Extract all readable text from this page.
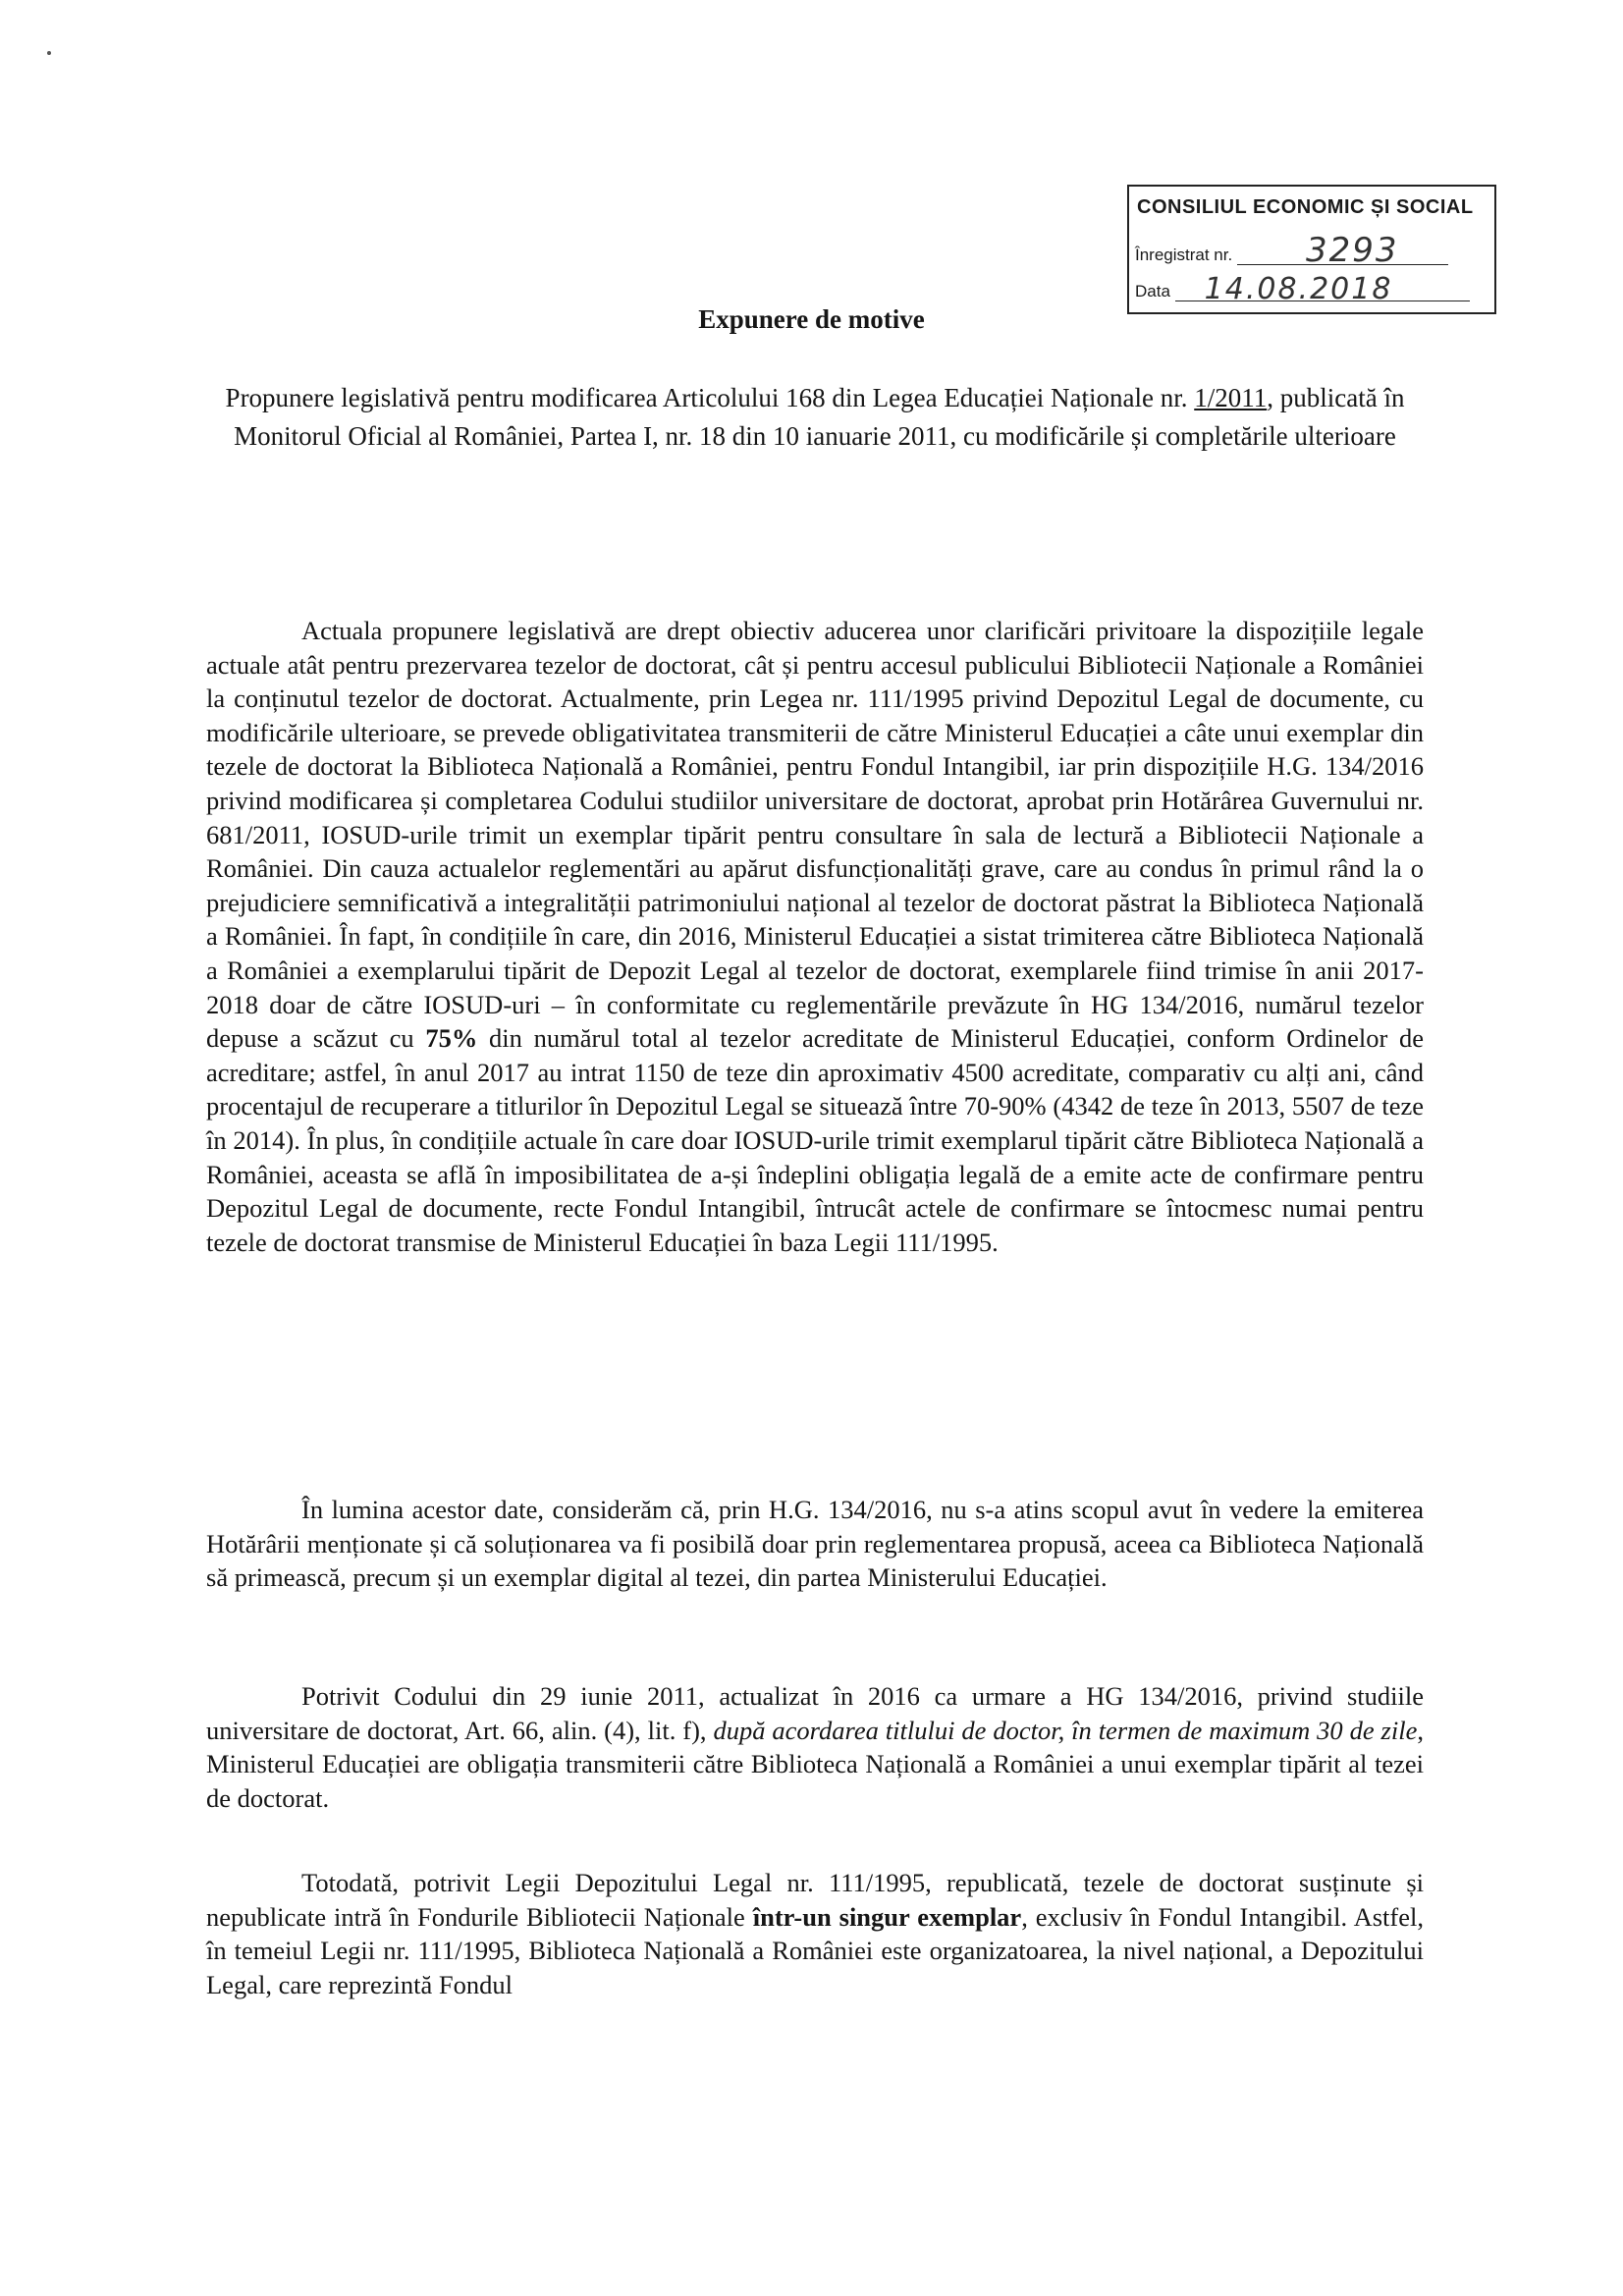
CONSILIUL ECONOMIC ȘI SOCIAL
Înregistrat nr. 3293
Data 14.08.2018
Expunere de motive
Propunere legislativă pentru modificarea Articolului 168 din Legea Educației Naționale nr. 1/2011, publicată în Monitorul Oficial al României, Partea I, nr. 18 din 10 ianuarie 2011, cu modificările și completările ulterioare

Actuala propunere legislativă are drept obiectiv aducerea unor clarificări privitoare la dispozițiile legale actuale atât pentru prezervarea tezelor de doctorat, cât și pentru accesul publicului Bibliotecii Naționale a României la conținutul tezelor de doctorat. Actualmente, prin Legea nr. 111/1995 privind Depozitul Legal de documente, cu modificările ulterioare, se prevede obligativitatea transmiterii de către Ministerul Educației a câte unui exemplar din tezele de doctorat la Biblioteca Națională a României, pentru Fondul Intangibil, iar prin dispozițiile H.G. 134/2016 privind modificarea și completarea Codului studiilor universitare de doctorat, aprobat prin Hotărârea Guvernului nr. 681/2011, IOSUD-urile trimit un exemplar tipărit pentru consultare în sala de lectură a Bibliotecii Naționale a României. Din cauza actualelor reglementări au apărut disfuncționalități grave, care au condus în primul rând la o prejudiciere semnificativă a integralității patrimoniului național al tezelor de doctorat păstrat la Biblioteca Națională a României. În fapt, în condițiile în care, din 2016, Ministerul Educației a sistat trimiterea către Biblioteca Națională a României a exemplarului tipărit de Depozit Legal al tezelor de doctorat, exemplarele fiind trimise în anii 2017-2018 doar de către IOSUD-uri – în conformitate cu reglementările prevăzute în HG 134/2016, numărul tezelor depuse a scăzut cu 75% din numărul total al tezelor acreditate de Ministerul Educației, conform Ordinelor de acreditare; astfel, în anul 2017 au intrat 1150 de teze din aproximativ 4500 acreditate, comparativ cu alți ani, când procentajul de recuperare a titlurilor în Depozitul Legal se situează între 70-90% (4342 de teze în 2013, 5507 de teze în 2014). În plus, în condițiile actuale în care doar IOSUD-urile trimit exemplarul tipărit către Biblioteca Națională a României, aceasta se află în imposibilitatea de a-și îndeplini obligația legală de a emite acte de confirmare pentru Depozitul Legal de documente, recte Fondul Intangibil, întrucât actele de confirmare se întocmesc numai pentru tezele de doctorat transmise de Ministerul Educației în baza Legii 111/1995.

În lumina acestor date, considerăm că, prin H.G. 134/2016, nu s-a atins scopul avut în vedere la emiterea Hotărârii menționate și că soluționarea va fi posibilă doar prin reglementarea propusă, aceea ca Biblioteca Națională să primească, precum și un exemplar digital al tezei, din partea Ministerului Educației.

Potrivit Codului din 29 iunie 2011, actualizat în 2016 ca urmare a HG 134/2016, privind studiile universitare de doctorat, Art. 66, alin. (4), lit. f), după acordarea titlului de doctor, în termen de maximum 30 de zile, Ministerul Educației are obligația transmiterii către Biblioteca Națională a României a unui exemplar tipărit al tezei de doctorat.

Totodată, potrivit Legii Depozitului Legal nr. 111/1995, republicată, tezele de doctorat susținute și nepublicate intră în Fondurile Bibliotecii Naționale într-un singur exemplar, exclusiv în Fondul Intangibil. Astfel, în temeiul Legii nr. 111/1995, Biblioteca Națională a României este organizatoarea, la nivel național, a Depozitului Legal, care reprezintă Fondul
